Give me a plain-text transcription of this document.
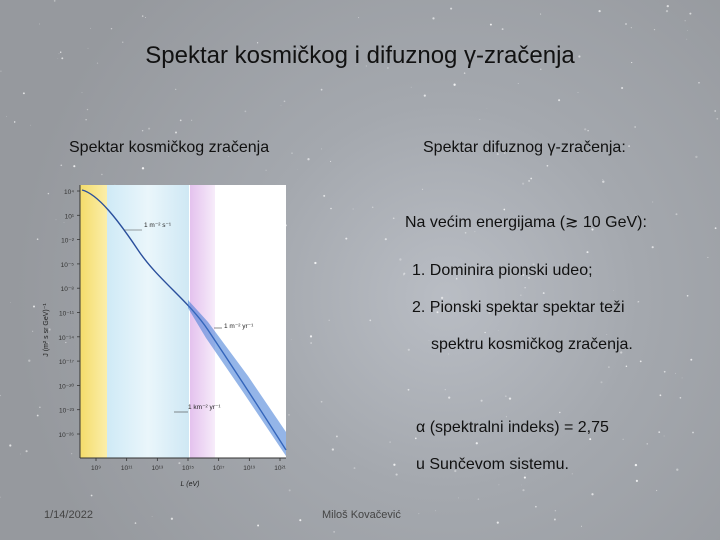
Spektar kosmičkog i difuznog γ-zračenja
Spektar kosmičkog zračenja	Spektar difuznog γ-zračenja:
10⁴
10¹
10⁻²
10⁻⁵
10⁻⁸
10⁻¹¹
10⁻¹⁴
10⁻¹⁷
10⁻²⁰
10⁻²³
10⁻²⁶
10⁹	10¹¹	10¹³	10¹⁵	10¹⁷	10¹⁹	10²¹
L (eV)
J (m² s sr GeV)⁻¹
1 m⁻² s⁻¹
1 m⁻² yr⁻¹
1 km⁻² yr⁻¹
Na većim energijama (≳ 10 GeV):
1. Dominira pionski udeo;
2. Pionski spektar spektar teži
spektru kosmičkog zračenja.
α (spektralni indeks) = 2,75
u Sunčevom sistemu.
1/14/2022	Miloš Kovačević
